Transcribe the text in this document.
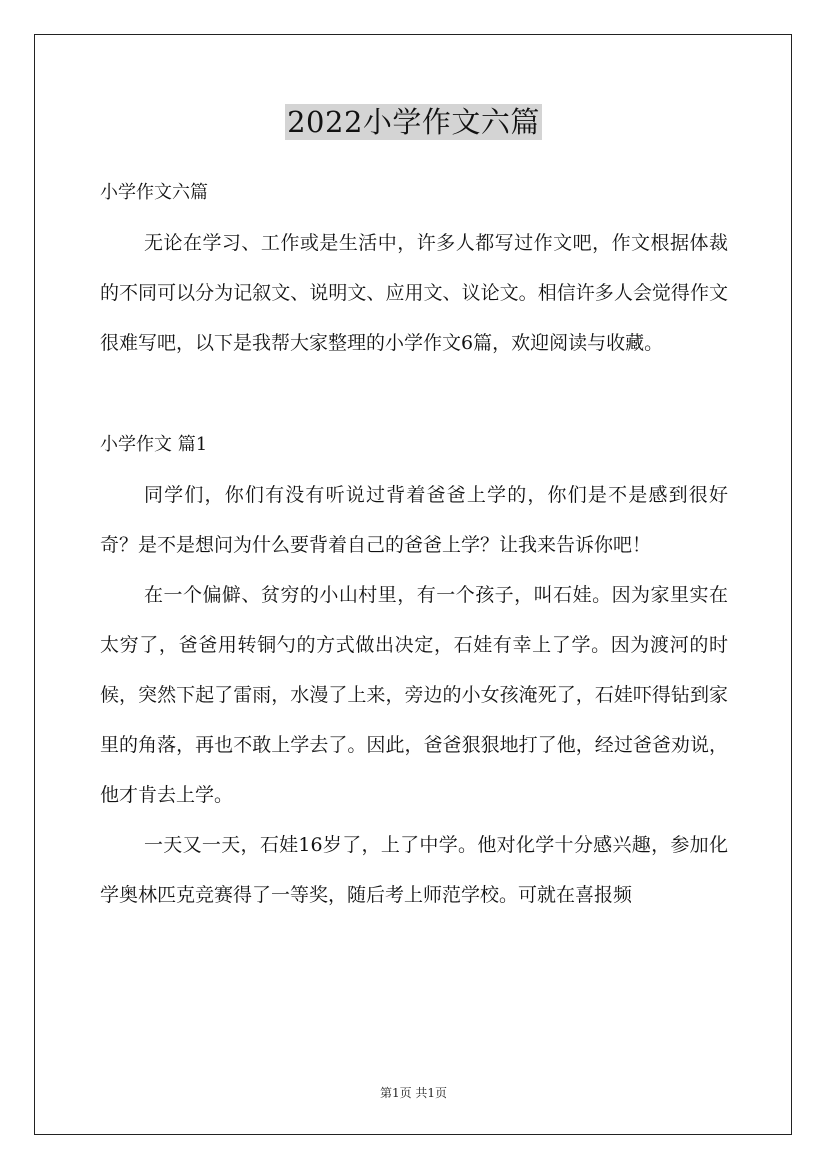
2022小学作文六篇

小学作文六篇

无论在学习、工作或是生活中，许多人都写过作文吧，作文根据体裁的不同可以分为记叙文、说明文、应用文、议论文。相信许多人会觉得作文很难写吧，以下是我帮大家整理的小学作文6篇，欢迎阅读与收藏。

小学作文 篇1

同学们，你们有没有听说过背着爸爸上学的，你们是不是感到很好奇？是不是想问为什么要背着自己的爸爸上学？让我来告诉你吧！

在一个偏僻、贫穷的小山村里，有一个孩子，叫石娃。因为家里实在太穷了，爸爸用转铜勺的方式做出决定，石娃有幸上了学。因为渡河的时候，突然下起了雷雨，水漫了上来，旁边的小女孩淹死了，石娃吓得钻到家里的角落，再也不敢上学去了。因此，爸爸狠狠地打了他，经过爸爸劝说，他才肯去上学。

一天又一天，石娃16岁了，上了中学。他对化学十分感兴趣，参加化学奥林匹克竞赛得了一等奖，随后考上师范学校。可就在喜报频

第1页 共1页
